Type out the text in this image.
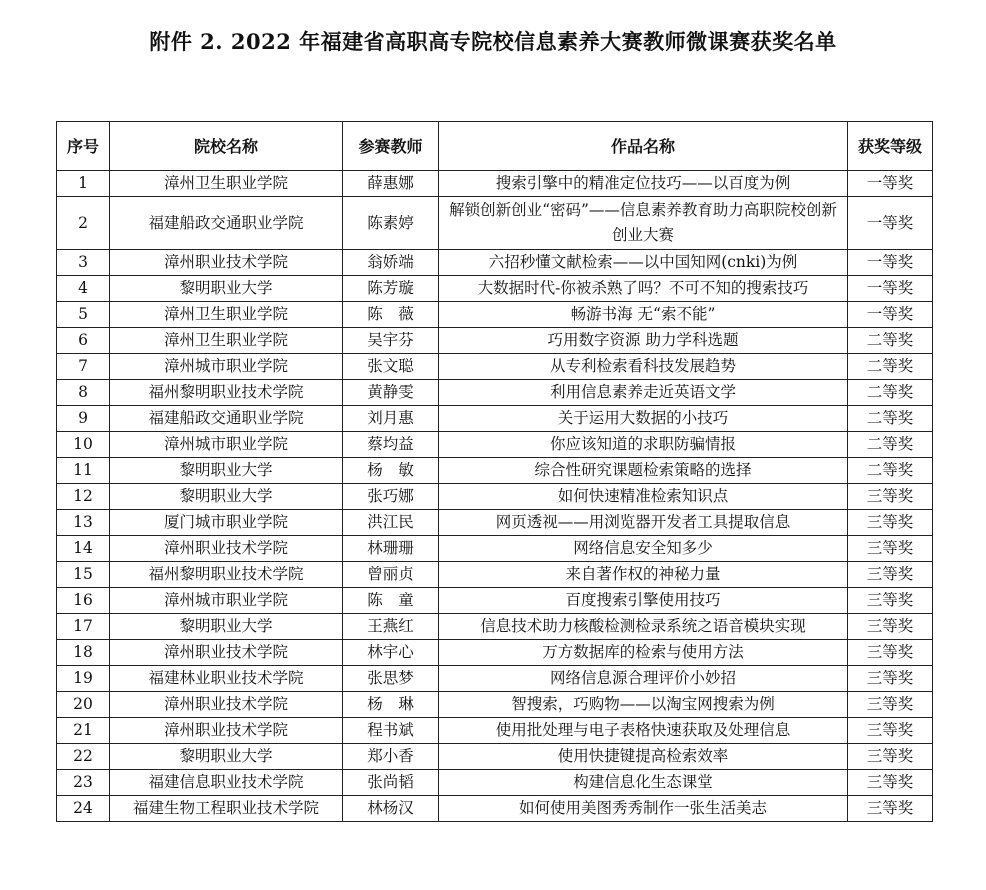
附件 2. 2022 年福建省高职高专院校信息素养大赛教师微课赛获奖名单
序号	院校名称	参赛教师	作品名称	获奖等级
1	漳州卫生职业学院	薛惠娜	搜索引擎中的精准定位技巧——以百度为例	一等奖
2	福建船政交通职业学院	陈素婷	解锁创新创业“密码”——信息素养教育助力高职院校创新创业大赛	一等奖
3	漳州职业技术学院	翁娇端	六招秒懂文献检索——以中国知网(cnki)为例	一等奖
4	黎明职业大学	陈芳璇	大数据时代-你被杀熟了吗？不可不知的搜索技巧	一等奖
5	漳州卫生职业学院	陈　薇	畅游书海 无“索不能”	一等奖
6	漳州卫生职业学院	吴宇芬	巧用数字资源 助力学科选题	二等奖
7	漳州城市职业学院	张文聪	从专利检索看科技发展趋势	二等奖
8	福州黎明职业技术学院	黄静雯	利用信息素养走近英语文学	二等奖
9	福建船政交通职业学院	刘月惠	关于运用大数据的小技巧	二等奖
10	漳州城市职业学院	蔡均益	你应该知道的求职防骗情报	二等奖
11	黎明职业大学	杨　敏	综合性研究课题检索策略的选择	二等奖
12	黎明职业大学	张巧娜	如何快速精准检索知识点	三等奖
13	厦门城市职业学院	洪江民	网页透视——用浏览器开发者工具提取信息	三等奖
14	漳州职业技术学院	林珊珊	网络信息安全知多少	三等奖
15	福州黎明职业技术学院	曾丽贞	来自著作权的神秘力量	三等奖
16	漳州城市职业学院	陈　童	百度搜索引擎使用技巧	三等奖
17	黎明职业大学	王燕红	信息技术助力核酸检测检录系统之语音模块实现	三等奖
18	漳州职业技术学院	林宇心	万方数据库的检索与使用方法	三等奖
19	福建林业职业技术学院	张思梦	网络信息源合理评价小妙招	三等奖
20	漳州职业技术学院	杨　琳	智搜索，巧购物——以淘宝网搜索为例	三等奖
21	漳州职业技术学院	程书斌	使用批处理与电子表格快速获取及处理信息	三等奖
22	黎明职业大学	郑小香	使用快捷键提高检索效率	三等奖
23	福建信息职业技术学院	张尚韬	构建信息化生态课堂	三等奖
24	福建生物工程职业技术学院	林杨汉	如何使用美图秀秀制作一张生活美志	三等奖
